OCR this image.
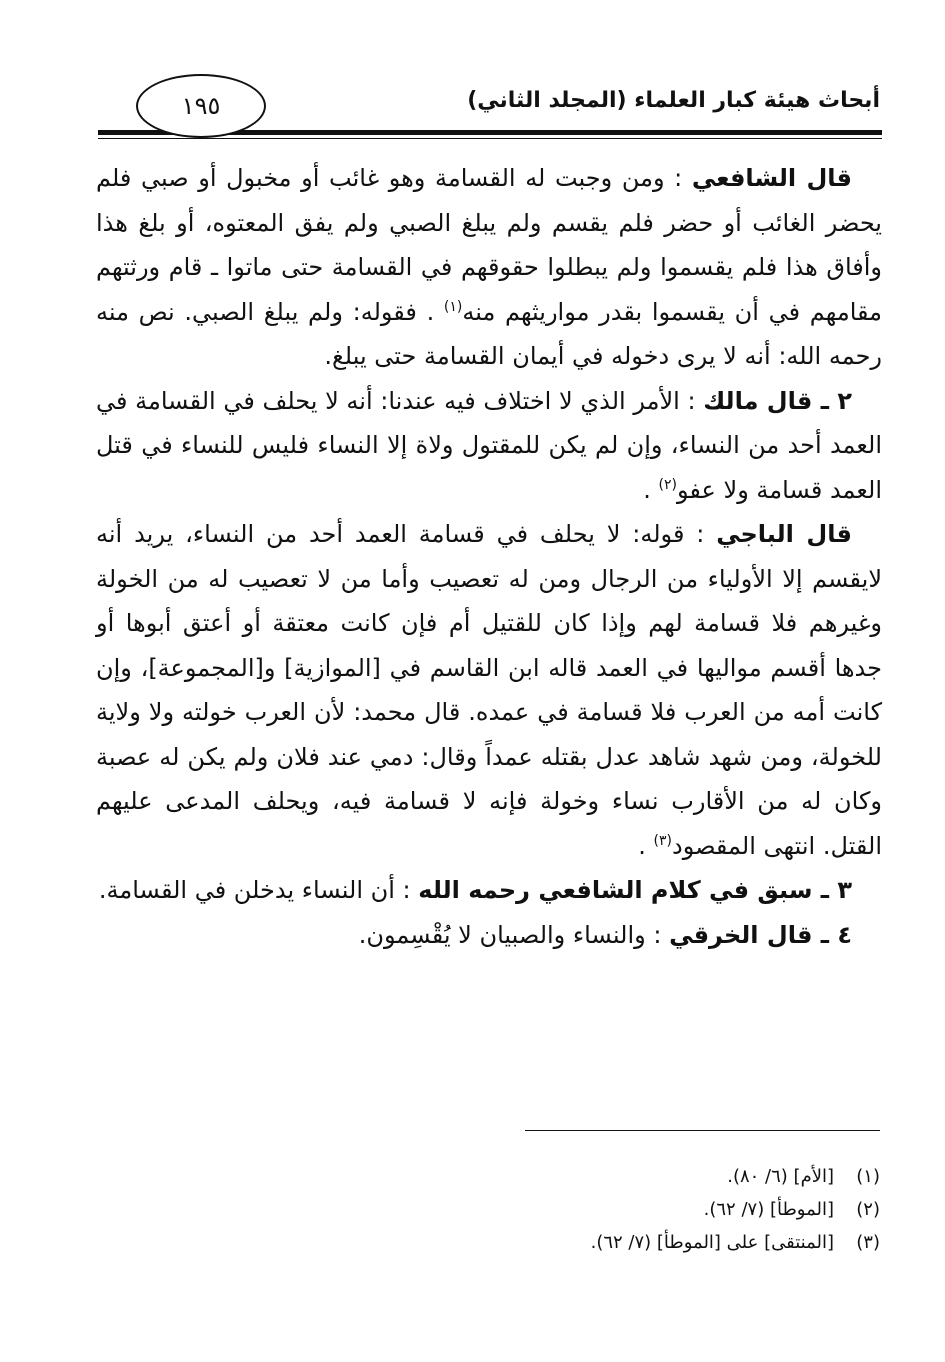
أبحاث هيئة كبار العلماء (المجلد الثاني)
١٩٥

قال الشافعي : ومن وجبت له القسامة وهو غائب أو مخبول أو صبي فلم يحضر الغائب أو حضر فلم يقسم ولم يبلغ الصبي ولم يفق المعتوه، أو بلغ هذا وأفاق هذا فلم يقسموا ولم يبطلوا حقوقهم في القسامة حتى ماتوا ـ قام ورثتهم مقامهم في أن يقسموا بقدر مواريثهم منه$^{(١)}$ . فقوله: ولم يبلغ الصبي. نص منه رحمه الله: أنه لا يرى دخوله في أيمان القسامة حتى يبلغ.

٢ ـ قال مالك : الأمر الذي لا اختلاف فيه عندنا: أنه لا يحلف في القسامة في العمد أحد من النساء، وإن لم يكن للمقتول ولاة إلا النساء فليس للنساء في قتل العمد قسامة ولا عفو$^{(٢)}$ .

قال الباجي : قوله: لا يحلف في قسامة العمد أحد من النساء، يريد أنه لايقسم إلا الأولياء من الرجال ومن له تعصيب وأما من لا تعصيب له من الخولة وغيرهم فلا قسامة لهم وإذا كان للقتيل أم فإن كانت معتقة أو أعتق أبوها أو جدها أقسم مواليها في العمد قاله ابن القاسم في [الموازية] و[المجموعة]، وإن كانت أمه من العرب فلا قسامة في عمده. قال محمد: لأن العرب خولته ولا ولاية للخولة، ومن شهد شاهد عدل بقتله عمداً وقال: دمي عند فلان ولم يكن له عصبة وكان له من الأقارب نساء وخولة فإنه لا قسامة فيه، ويحلف المدعى عليهم القتل. انتهى المقصود$^{(٣)}$ .

٣ ـ سبق في كلام الشافعي رحمه الله : أن النساء يدخلن في القسامة.

٤ ـ قال الخرقي : والنساء والصبيان لا يُقْسِمون.

(١)
[الأم] (٦/ ٨٠).
(٢)
[الموطأ] (٧/ ٦٢).
(٣)
[المنتقى] على [الموطأ] (٧/ ٦٢).
